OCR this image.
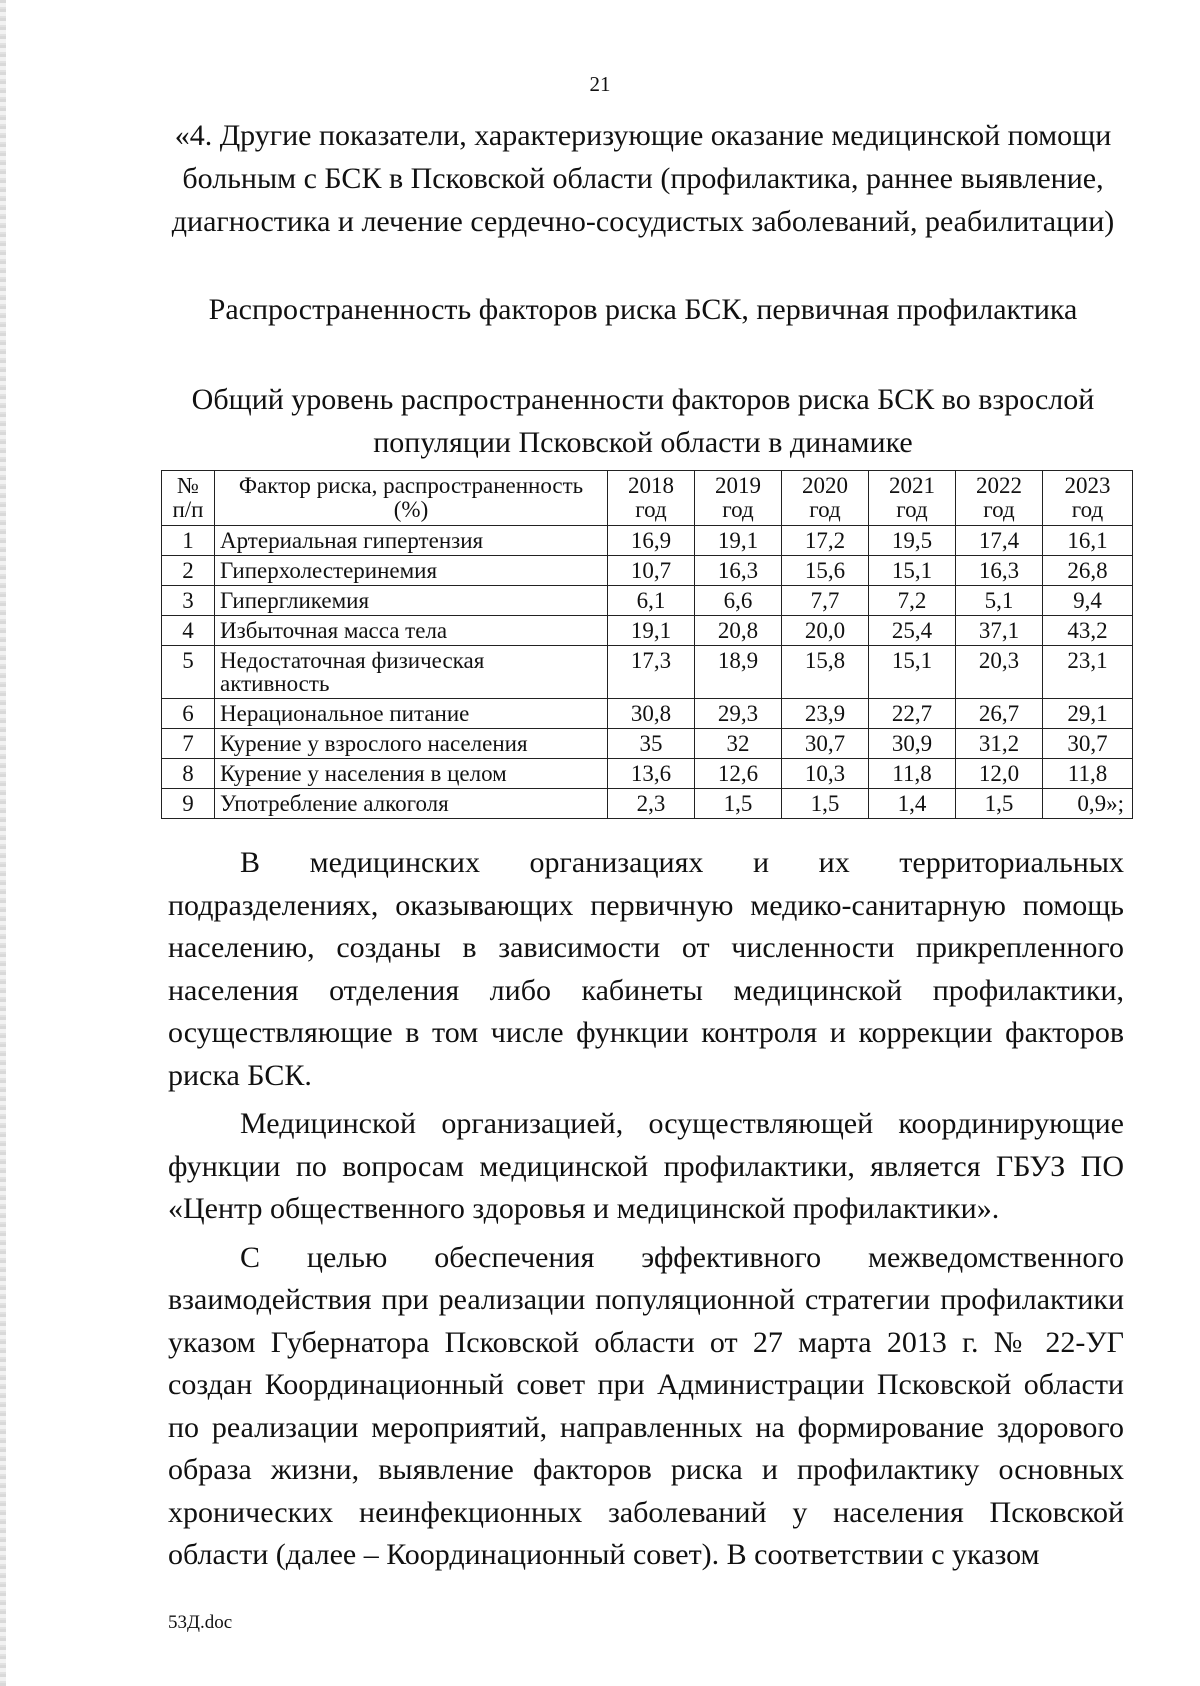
21
«4. Другие показатели, характеризующие оказание медицинской помощи больным с БСК в Псковской области (профилактика, раннее выявление, диагностика и лечение сердечно-сосудистых заболеваний, реабилитации)
Распространенность факторов риска БСК, первичная профилактика
Общий уровень распространенности факторов риска БСК во взрослой популяции Псковской области в динамике
№ п/п	Фактор риска, распространенность (%)	2018 год	2019 год	2020 год	2021 год	2022 год	2023 год
1	Артериальная гипертензия	16,9	19,1	17,2	19,5	17,4	16,1
2	Гиперхолестеринемия	10,7	16,3	15,6	15,1	16,3	26,8
3	Гипергликемия	6,1	6,6	7,7	7,2	5,1	9,4
4	Избыточная масса тела	19,1	20,8	20,0	25,4	37,1	43,2
5	Недостаточная физическая активность	17,3	18,9	15,8	15,1	20,3	23,1
6	Нерациональное питание	30,8	29,3	23,9	22,7	26,7	29,1
7	Курение у взрослого населения	35	32	30,7	30,9	31,2	30,7
8	Курение у населения в целом	13,6	12,6	10,3	11,8	12,0	11,8
9	Употребление алкоголя	2,3	1,5	1,5	1,4	1,5	0,9»;

В медицинских организациях и их территориальных подразделениях, оказывающих первичную медико-санитарную помощь населению, созданы в зависимости от численности прикрепленного населения отделения либо кабинеты медицинской профилактики, осуществляющие в том числе функции контроля и коррекции факторов риска БСК.

Медицинской организацией, осуществляющей координирующие функции по вопросам медицинской профилактики, является ГБУЗ ПО «Центр общественного здоровья и медицинской профилактики».

С целью обеспечения эффективного межведомственного взаимодействия при реализации популяционной стратегии профилактики указом Губернатора Псковской области от 27 марта 2013 г. № 22-УГ создан Координационный совет при Администрации Псковской области по реализации мероприятий, направленных на формирование здорового образа жизни, выявление факторов риска и профилактику основных хронических неинфекционных заболеваний у населения Псковской области (далее – Координационный совет). В соответствии с указом

53Д.doc
